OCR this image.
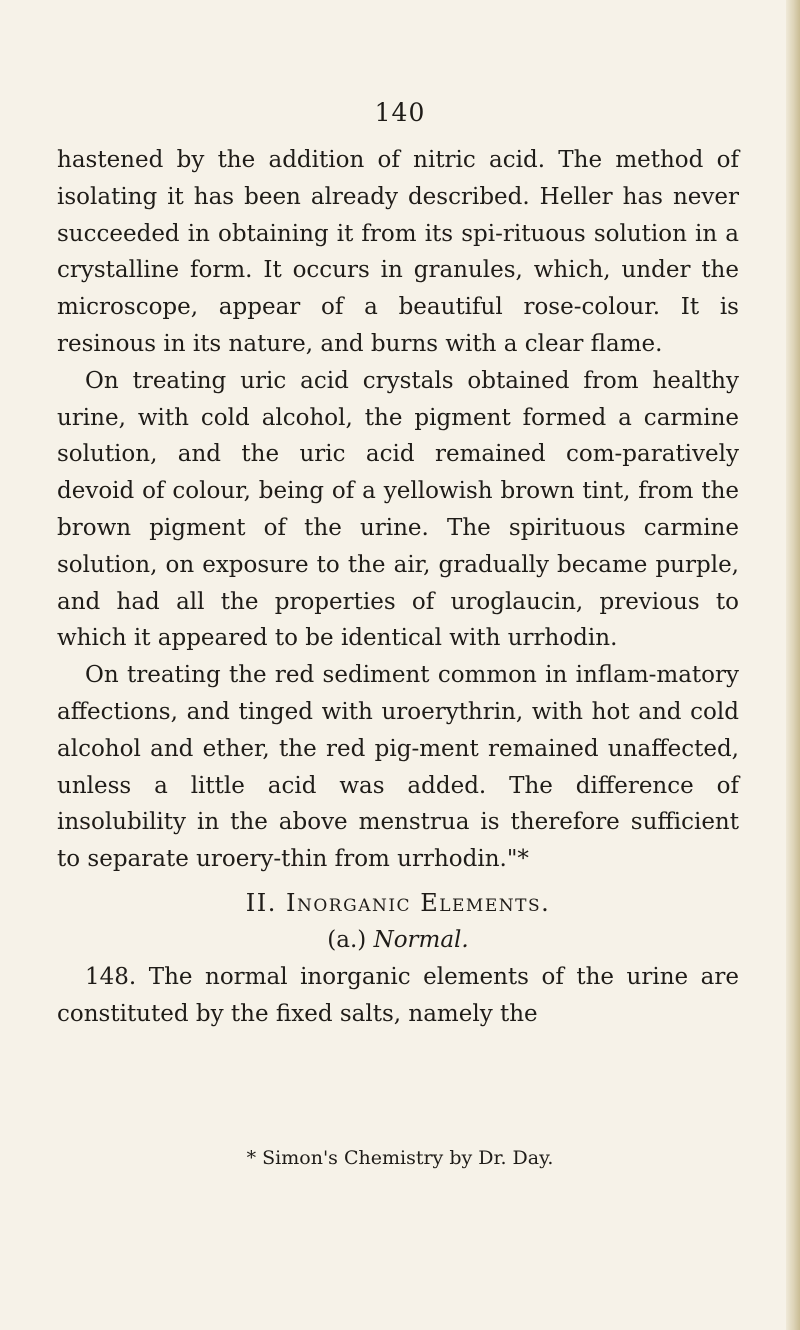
140

hastened by the addition of nitric acid. The method of isolating it has been already described. Heller has never succeeded in obtaining it from its spi-rituous solution in a crystalline form. It occurs in granules, which, under the microscope, appear of a beautiful rose-colour. It is resinous in its nature, and burns with a clear flame.

On treating uric acid crystals obtained from healthy urine, with cold alcohol, the pigment formed a carmine solution, and the uric acid remained com-paratively devoid of colour, being of a yellowish brown tint, from the brown pigment of the urine. The spirituous carmine solution, on exposure to the air, gradually became purple, and had all the properties of uroglaucin, previous to which it appeared to be identical with urrhodin.

On treating the red sediment common in inflam-matory affections, and tinged with uroerythrin, with hot and cold alcohol and ether, the red pig-ment remained unaffected, unless a little acid was added. The difference of insolubility in the above menstrua is therefore sufficient to separate uroery-thin from urrhodin."*

II. Inorganic Elements.
(a.) Normal.

148. The normal inorganic elements of the urine are constituted by the fixed salts, namely the

* Simon's Chemistry by Dr. Day.
